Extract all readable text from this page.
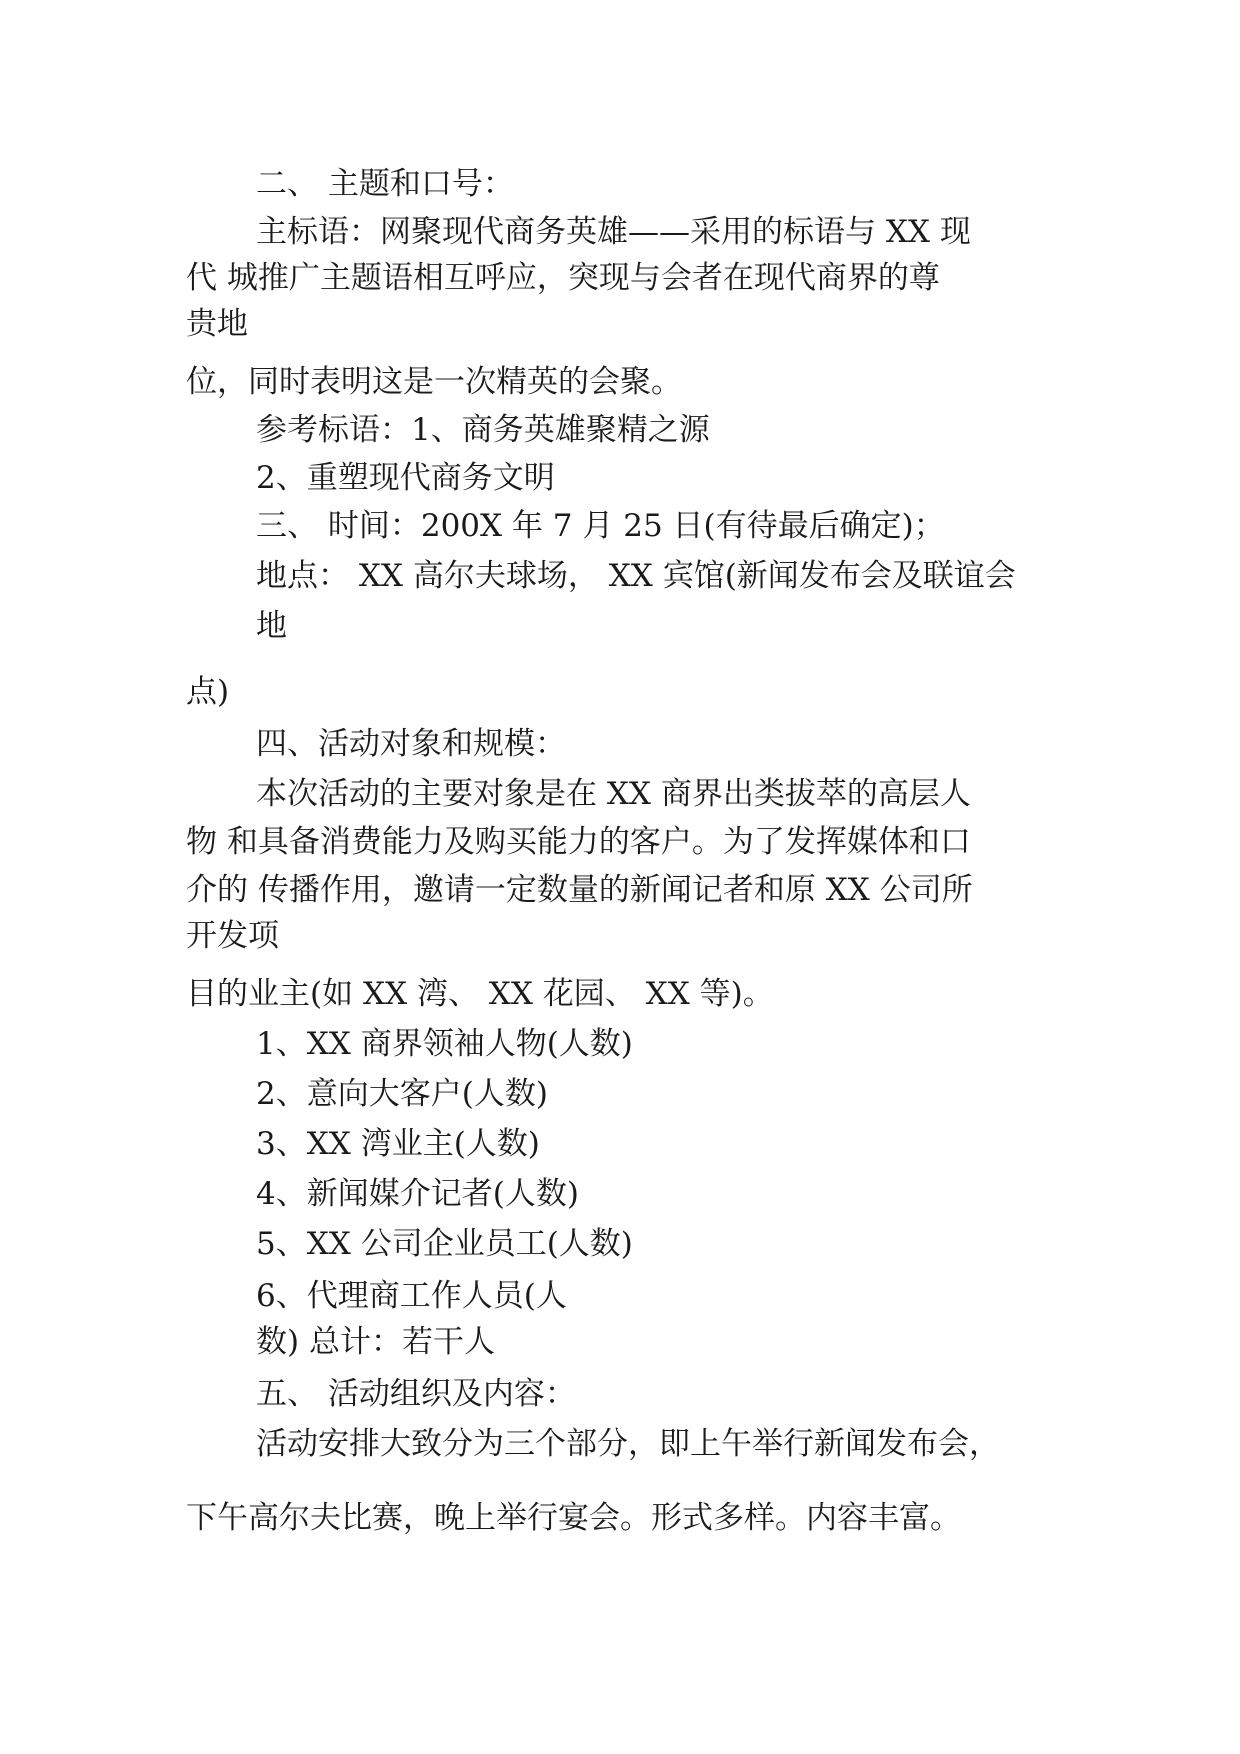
二、 主题和口号：

主标语：网聚现代商务英雄——采用的标语与 XX 现

代 城推广主题语相互呼应，突现与会者在现代商界的尊

贵地

位，同时表明这是一次精英的会聚。

参考标语：1、商务英雄聚精之源

2、重塑现代商务文明

三、 时间：200X 年 7 月 25 日(有待最后确定)；

地点： XX 高尔夫球场， XX 宾馆(新闻发布会及联谊会

地

点)

四、活动对象和规模：

本次活动的主要对象是在 XX 商界出类拔萃的高层人

物 和具备消费能力及购买能力的客户。为了发挥媒体和口

介的 传播作用，邀请一定数量的新闻记者和原 XX 公司所

开发项

目的业主(如 XX 湾、 XX 花园、 XX 等)。

1、XX 商界领袖人物(人数)

2、意向大客户(人数)

3、XX 湾业主(人数)

4、新闻媒介记者(人数)

5、XX 公司企业员工(人数)

6、代理商工作人员(人

数) 总计：若干人

五、 活动组织及内容：

活动安排大致分为三个部分，即上午举行新闻发布会，

下午高尔夫比赛，晚上举行宴会。形式多样。内容丰富。
